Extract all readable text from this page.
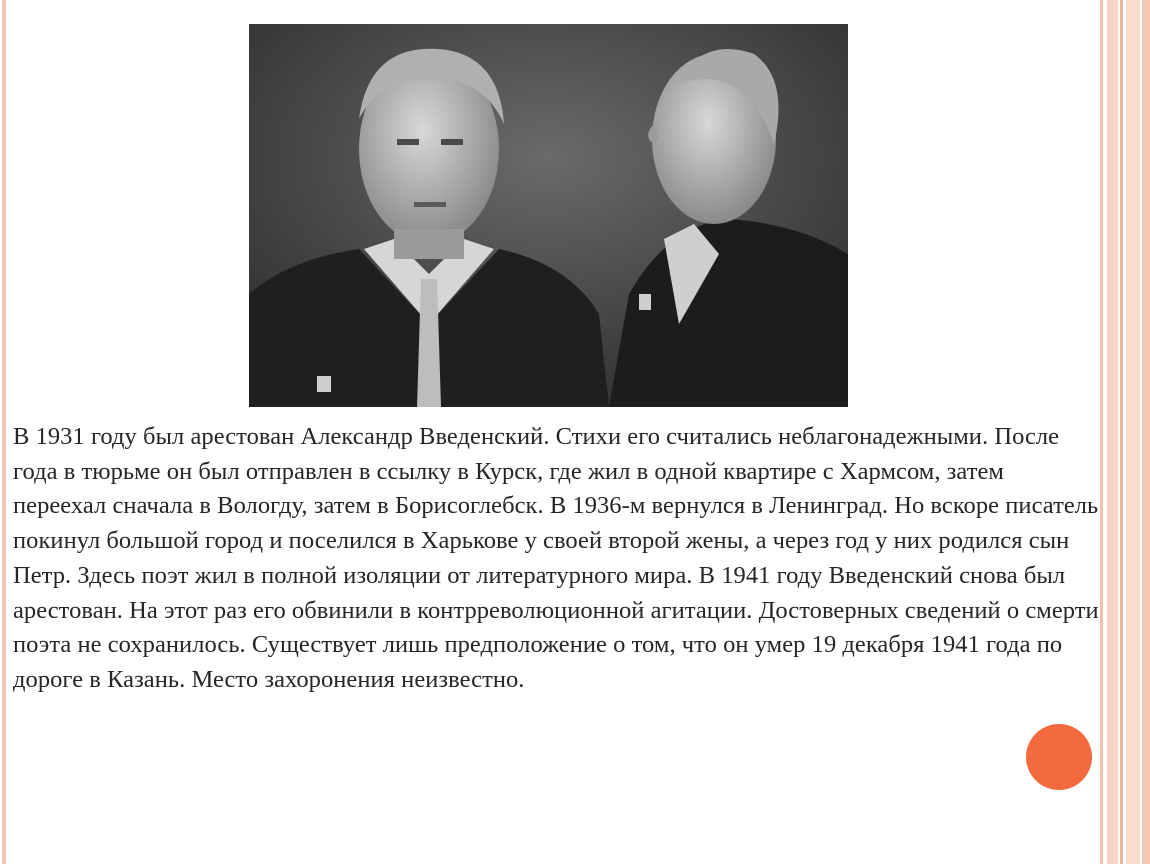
В 1931 году был арестован Александр Введенский. Стихи его считались неблагонадежными. После года в тюрьме он был отправлен в ссылку в Курск, где жил в одной квартире с Хармсом, затем переехал сначала в Вологду, затем в Борисоглебск. В 1936-м вернулся в Ленинград. Но вскоре писатель покинул большой город и поселился в Харькове у своей второй жены, а через год у них родился сын Петр. Здесь поэт жил в полной изоляции от литературного мира. В 1941 году Введенский снова был арестован. На этот раз его обвинили в контрреволюционной агитации. Достоверных сведений о смерти поэта не сохранилось. Существует лишь предположение о том, что он умер 19 декабря 1941 года по дороге в Казань. Место захоронения неизвестно.
